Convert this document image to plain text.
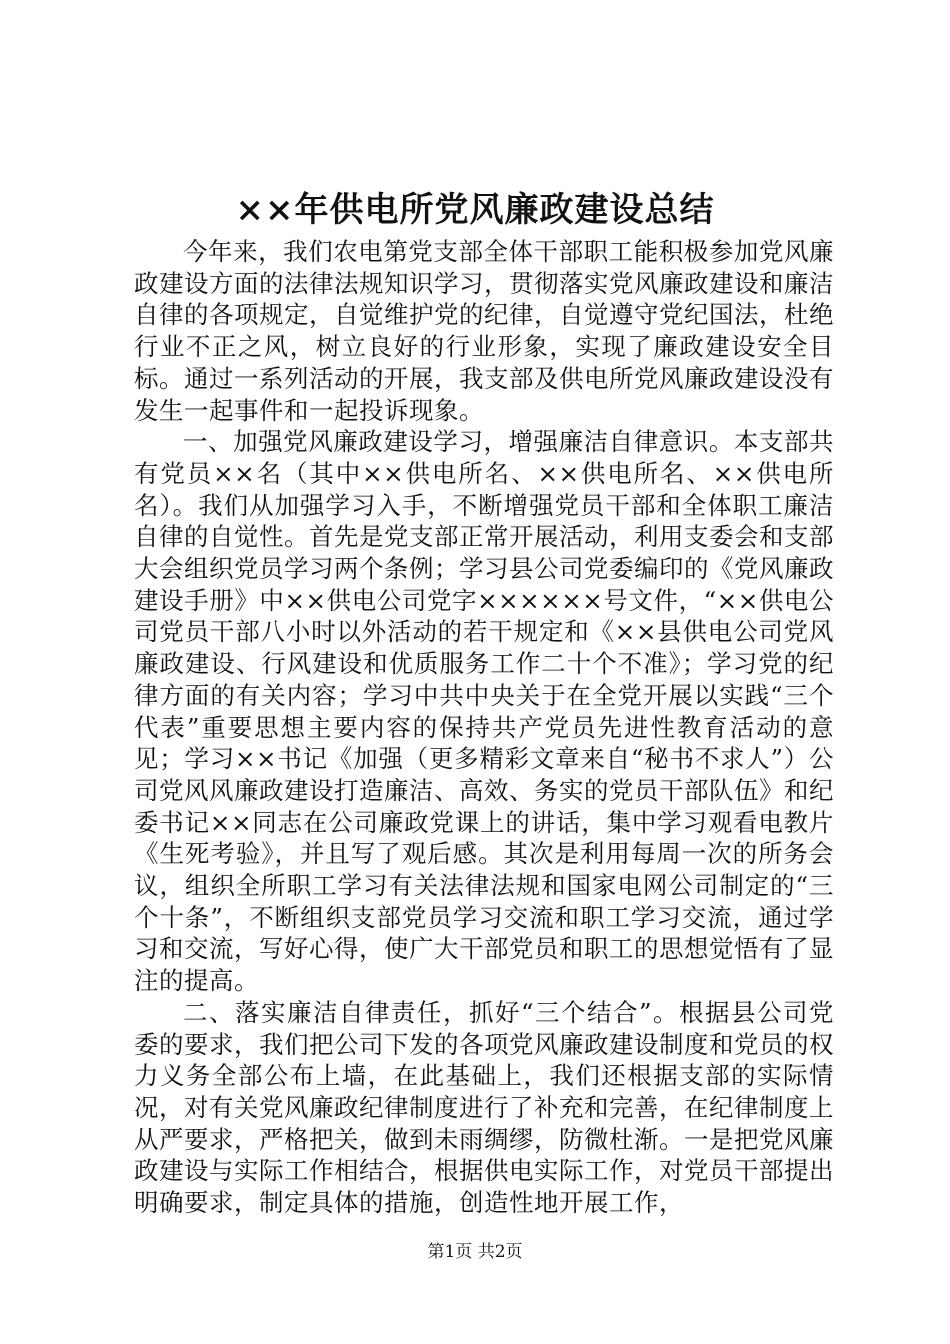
××年供电所党风廉政建设总结

今年来，我们农电第党支部全体干部职工能积极参加党风廉政建设方面的法律法规知识学习，贯彻落实党风廉政建设和廉洁自律的各项规定，自觉维护党的纪律，自觉遵守党纪国法，杜绝行业不正之风，树立良好的行业形象，实现了廉政建设安全目标。通过一系列活动的开展，我支部及供电所党风廉政建设没有发生一起事件和一起投诉现象。

一、加强党风廉政建设学习，增强廉洁自律意识。本支部共有党员××名（其中××供电所名、××供电所名、××供电所名）。我们从加强学习入手，不断增强党员干部和全体职工廉洁自律的自觉性。首先是党支部正常开展活动，利用支委会和支部大会组织党员学习两个条例；学习县公司党委编印的《党风廉政建设手册》中××供电公司党字××××××号文件，“××供电公司党员干部八小时以外活动的若干规定和《××县供电公司党风廉政建设、行风建设和优质服务工作二十个不准》；学习党的纪律方面的有关内容；学习中共中央关于在全党开展以实践“三个代表”重要思想主要内容的保持共产党员先进性教育活动的意见；学习××书记《加强（更多精彩文章来自“秘书不求人”）公司党风风廉政建设打造廉洁、高效、务实的党员干部队伍》和纪委书记××同志在公司廉政党课上的讲话，集中学习观看电教片《生死考验》，并且写了观后感。其次是利用每周一次的所务会议，组织全所职工学习有关法律法规和国家电网公司制定的“三个十条”，不断组织支部党员学习交流和职工学习交流，通过学习和交流，写好心得，使广大干部党员和职工的思想觉悟有了显注的提高。

二、落实廉洁自律责任，抓好“三个结合”。根据县公司党委的要求，我们把公司下发的各项党风廉政建设制度和党员的权力义务全部公布上墙，在此基础上，我们还根据支部的实际情况，对有关党风廉政纪律制度进行了补充和完善，在纪律制度上从严要求，严格把关，做到未雨绸缪，防微杜渐。一是把党风廉政建设与实际工作相结合，根据供电实际工作，对党员干部提出明确要求，制定具体的措施，创造性地开展工作，

第1页 共2页
